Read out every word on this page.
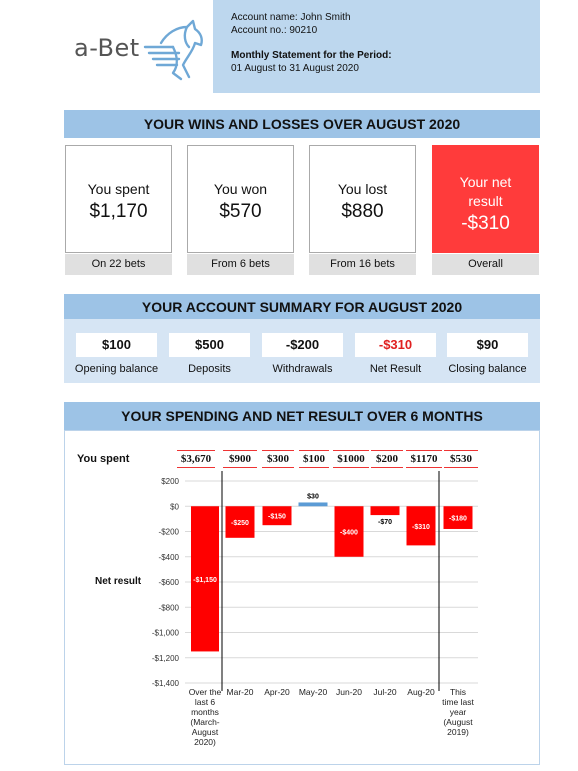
a-Bet
Account name: John Smith
Account no.: 90210
Monthly Statement for the Period:
01 August to 31 August 2020
YOUR WINS AND LOSSES OVER AUGUST 2020
You spent
$1,170
On 22 bets
You won
$570
From 6 bets
You lost
$880
From 16 bets
Your net
result
-$310
Overall
YOUR ACCOUNT SUMMARY FOR AUGUST 2020
$100
Opening balance
$500
Deposits
-$200
Withdrawals
-$310
Net Result
$90
Closing balance
YOUR SPENDING AND NET RESULT OVER 6 MONTHS
You spent	$3,670	$900	$300	$100	$1000	$200	$1170	$530
Net result
$200
$0
-$200
-$400
-$600
-$800
-$1,000
-$1,200
-$1,400
-$1,150
-$250
-$150
$30
-$400
-$70
-$310
-$180
Over the
last 6
months
(March-
August
2020)
Mar-20 Apr-20 May-20 Jun-20 Jul-20 Aug-20 This
time last
year
(August
2019)
